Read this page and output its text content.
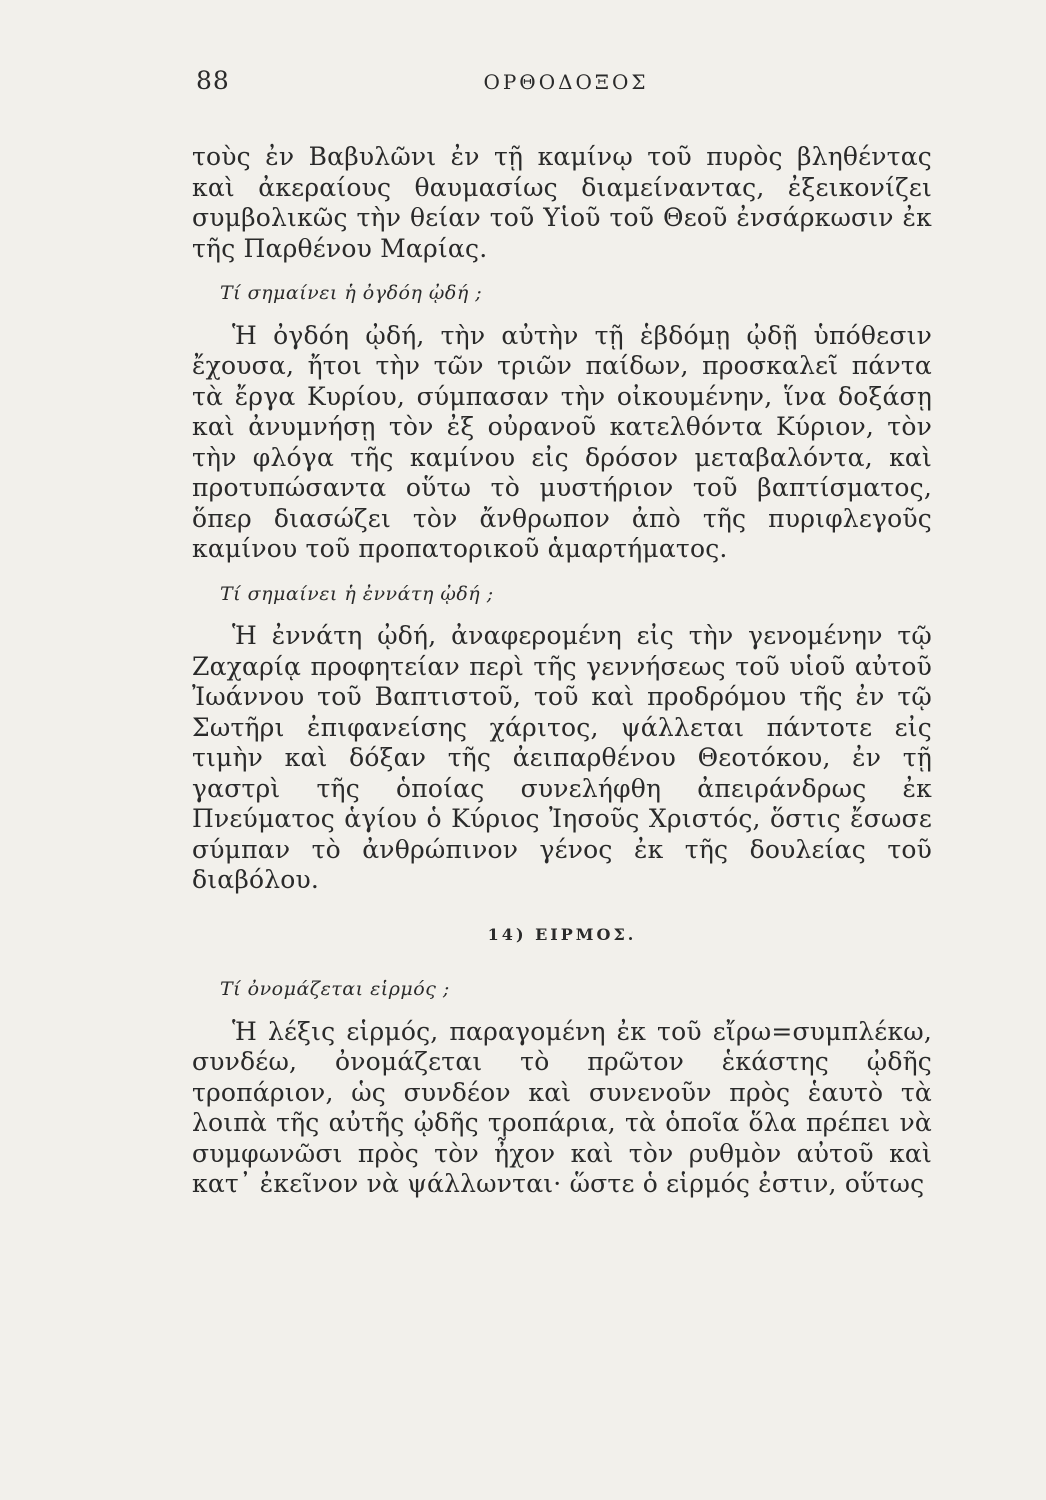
88	ΟΡΘΟΔΟΞΟΣ

τοὺς ἐν Βαβυλῶνι ἐν τῇ καμίνῳ τοῦ πυρὸς βληθέντας καὶ ἀκεραίους θαυμασίως διαμείναντας, ἐξεικονίζει συμβολικῶς τὴν θείαν τοῦ Υἱοῦ τοῦ Θεοῦ ἐνσάρκωσιν ἐκ τῆς Παρθένου Μαρίας.

Τί σημαίνει ἡ ὀγδόη ᾠδή ;

Ἡ ὀγδόη ᾠδή, τὴν αὐτὴν τῇ ἑβδόμῃ ᾠδῇ ὑπόθεσιν ἔχουσα, ἤτοι τὴν τῶν τριῶν παίδων, προσκαλεῖ πάντα τὰ ἔργα Κυρίου, σύμπασαν τὴν οἰκουμένην, ἵνα δοξάσῃ καὶ ἀνυμνήσῃ τὸν ἐξ οὐρανοῦ κατελθόντα Κύριον, τὸν τὴν φλόγα τῆς καμίνου εἰς δρόσον μεταβαλόντα, καὶ προτυπώσαντα οὕτω τὸ μυστήριον τοῦ βαπτίσματος, ὅπερ διασώζει τὸν ἄνθρωπον ἀπὸ τῆς πυριφλεγοῦς καμίνου τοῦ προπατορικοῦ ἁμαρτήματος.

Τί σημαίνει ἡ ἐννάτη ᾠδή ;

Ἡ ἐννάτη ᾠδή, ἀναφερομένη εἰς τὴν γενομένην τῷ Ζαχαρίᾳ προφητείαν περὶ τῆς γεννήσεως τοῦ υἱοῦ αὐτοῦ Ἰωάννου τοῦ Βαπτιστοῦ, τοῦ καὶ προδρόμου τῆς ἐν τῷ Σωτῆρι ἐπιφανείσης χάριτος, ψάλλεται πάντοτε εἰς τιμὴν καὶ δόξαν τῆς ἀειπαρθένου Θεοτόκου, ἐν τῇ γαστρὶ τῆς ὁποίας συνελήφθη ἀπειράνδρως ἐκ Πνεύματος ἁγίου ὁ Κύριος Ἰησοῦς Χριστός, ὅστις ἔσωσε σύμπαν τὸ ἀνθρώπινον γένος ἐκ τῆς δουλείας τοῦ διαβόλου.

14) ΕΙΡΜΟΣ.

Τί ὀνομάζεται εἱρμός ;

Ἡ λέξις εἱρμός, παραγομένη ἐκ τοῦ εἴρω=συμπλέκω, συνδέω, ὀνομάζεται τὸ πρῶτον ἑκάστης ᾠδῆς τροπάριον, ὡς συνδέον καὶ συνενοῦν πρὸς ἑαυτὸ τὰ λοιπὰ τῆς αὐτῆς ᾠδῆς τροπάρια, τὰ ὁποῖα ὅλα πρέπει νὰ συμφωνῶσι πρὸς τὸν ἦχον καὶ τὸν ρυθμὸν αὐτοῦ καὶ κατ᾿ ἐκεῖνον νὰ ψάλλωνται· ὥστε ὁ εἱρμός ἐστιν, οὕτως
